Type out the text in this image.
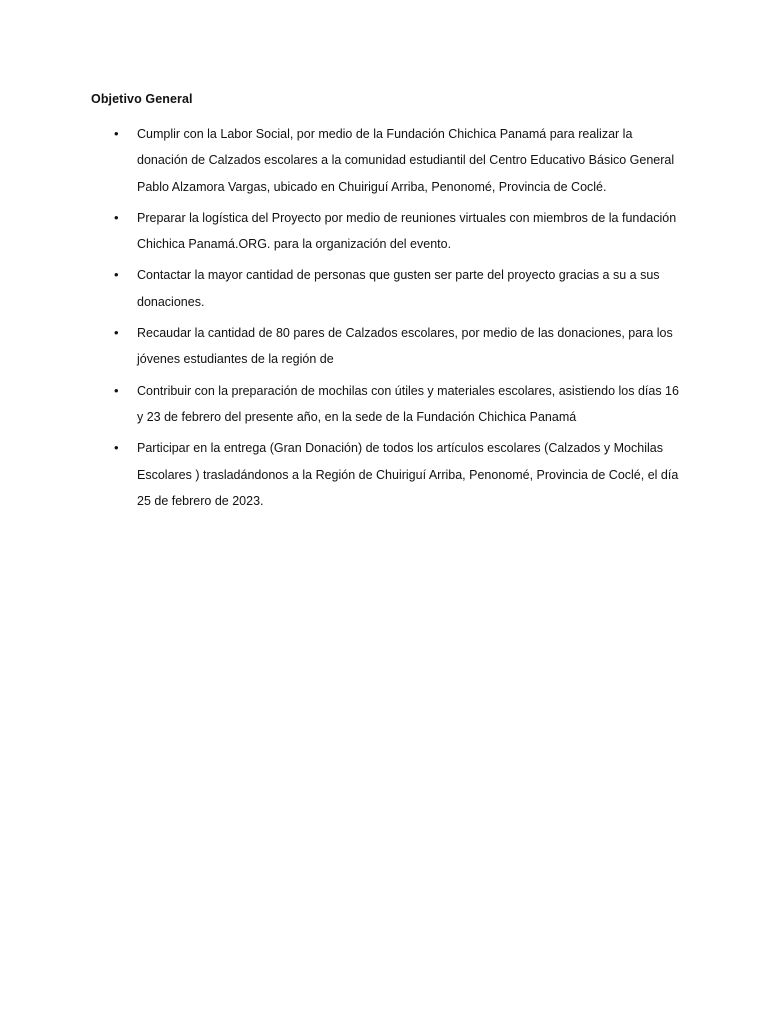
Objetivo General
• Cumplir con la Labor Social, por medio de la Fundación Chichica Panamá para realizar la donación de Calzados escolares a la comunidad estudiantil del Centro Educativo Básico General Pablo Alzamora Vargas, ubicado en Chuiriguí Arriba, Penonomé, Provincia de Coclé.
• Preparar la logística del Proyecto por medio de reuniones virtuales con miembros de la fundación Chichica Panamá.ORG. para la organización del evento.
• Contactar la mayor cantidad de personas que gusten ser parte del proyecto gracias a su a sus donaciones.
• Recaudar la cantidad de 80 pares de Calzados escolares, por medio de las donaciones, para los jóvenes estudiantes de la región de
• Contribuir con la preparación de mochilas con útiles y materiales escolares, asistiendo los días 16 y 23 de febrero del presente año, en la sede de la Fundación Chichica Panamá
• Participar en la entrega (Gran Donación) de todos los artículos escolares (Calzados y Mochilas Escolares ) trasladándonos a la Región de Chuiriguí Arriba, Penonomé, Provincia de Coclé, el día 25 de febrero de 2023.
